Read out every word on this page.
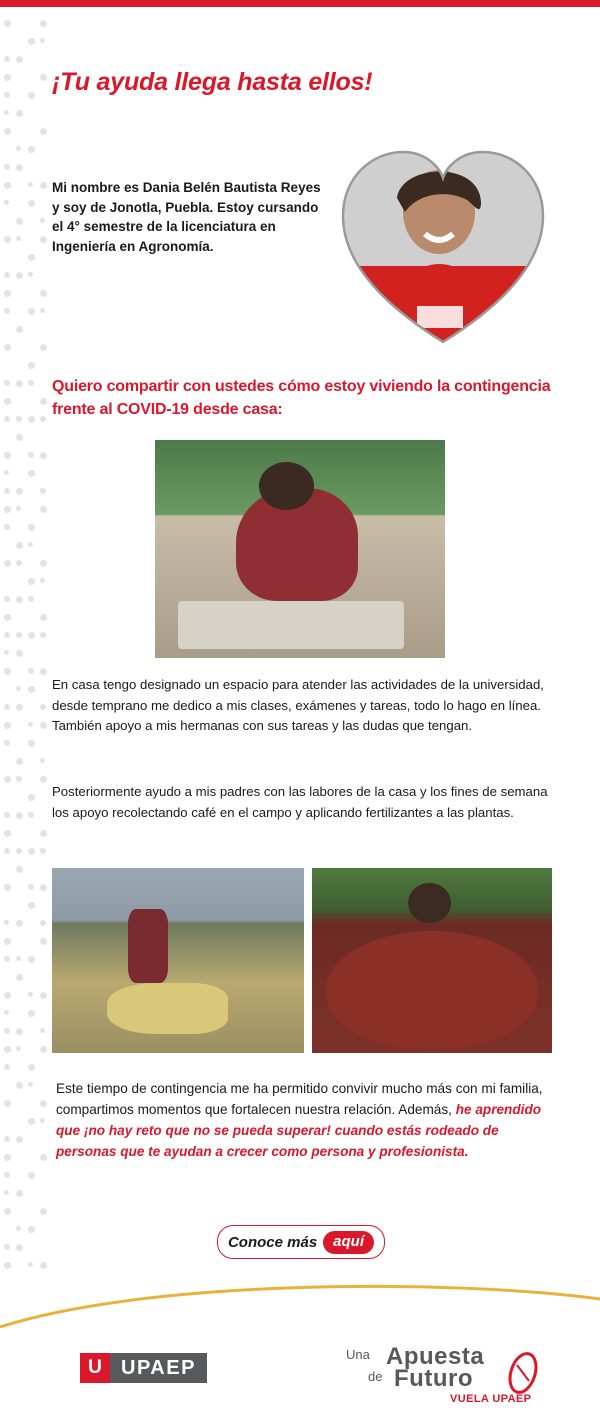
¡Tu ayuda llega hasta ellos!
Mi nombre es Dania Belén Bautista Reyes y soy de Jonotla, Puebla. Estoy cursando el 4° semestre de la licenciatura en Ingeniería en Agronomía.
Quiero compartir con ustedes cómo estoy viviendo la contingencia frente al COVID-19 desde casa:
En casa tengo designado un espacio para atender las actividades de la universidad, desde temprano me dedico a mis clases, exámenes y tareas, todo lo hago en línea. También apoyo a mis hermanas con sus tareas y las dudas que tengan.
Posteriormente ayudo a mis padres con las labores de la casa y los fines de semana los apoyo recolectando café en el campo y aplicando fertilizantes a las plantas.
Este tiempo de contingencia me ha permitido convivir mucho más con mi familia, compartimos momentos que fortalecen nuestra relación. Además, he aprendido que ¡no hay reto que no se pueda superar! cuando estás rodeado de personas que te ayudan a crecer como persona y profesionista.
Conoce más	aquí
U UPAEP
Una Apuesta
de Futuro
VUELA UPAEP
